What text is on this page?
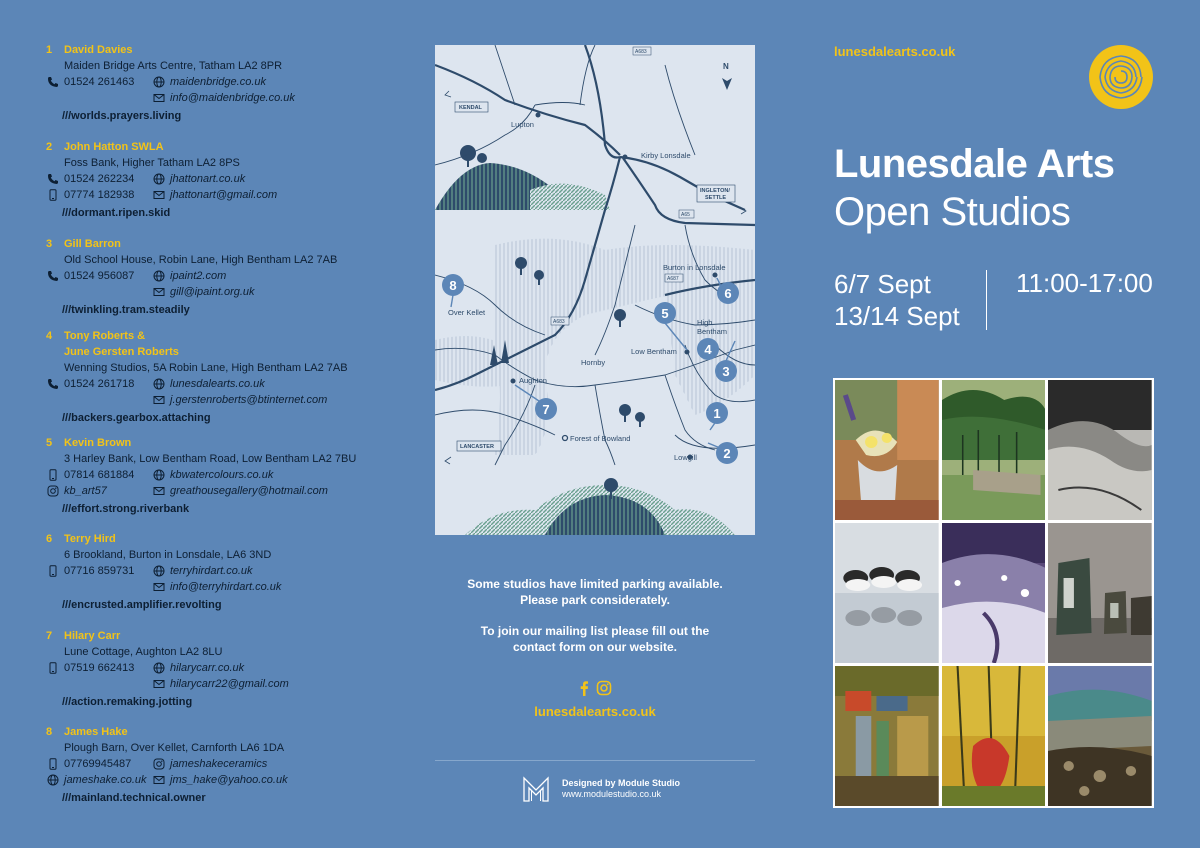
1	David Davies
Maiden Bridge Arts Centre, Tatham LA2 8PR
01524 261463	maidenbridge.co.uk
info@maidenbridge.co.uk
///worlds.prayers.living
2	John Hatton SWLA
Foss Bank, Higher Tatham LA2 8PS
01524 262234	jhattonart.co.uk
07774 182938	jhattonart@gmail.com
///dormant.ripen.skid
3	Gill Barron
Old School House, Robin Lane, High Bentham LA2 7AB
01524 956087	ipaint2.com
gill@ipaint.org.uk
///twinkling.tram.steadily
4	Tony Roberts &
June Gersten Roberts
Wenning Studios, 5A Robin Lane, High Bentham LA2 7AB
01524 261718	lunesdalearts.co.uk
j.gerstenroberts@btinternet.com
///backers.gearbox.attaching
5	Kevin Brown
3 Harley Bank, Low Bentham Road, Low Bentham LA2 7BU
07814 681884	kbwatercolours.co.uk
kb_art57	greathousegallery@hotmail.com
///effort.strong.riverbank
6	Terry Hird
6 Brookland, Burton in Lonsdale, LA6 3ND
07716 859731	terryhirdart.co.uk
info@terryhirdart.co.uk
///encrusted.amplifier.revolting
7	Hilary Carr
Lune Cottage, Aughton LA2 8LU
07519 662413	hilarycarr.co.uk
hilarycarr22@gmail.com
///action.remaking.jotting
8	James Hake
Plough Barn, Over Kellet, Carnforth LA6 1DA
07769945487	jameshakeceramics
jameshake.co.uk jms_hake@yahoo.co.uk
///mainland.technical.owner
Lupton
Kirby Lonsdale
Burton in Lonsdale
High
Bentham
Low Bentham
Hornby
Over Kellet
Aughton
Lowgill
Forest of Bowland
A683
A65
A687
A683
KENDAL
INGLETON/
SETTLE
LANCASTER
N
1
2
3
4
5
6
7
8
Some studios have limited parking available.
Please park considerately.
To join our mailing list please fill out the
contact form on our website.

lunesdalearts.co.uk
Designed by Module Studio
www.modulestudio.co.uk
lunesdalearts.co.uk
Lunesdale Arts
Open Studios
6/7 Sept
13/14 Sept
11:00-17:00
